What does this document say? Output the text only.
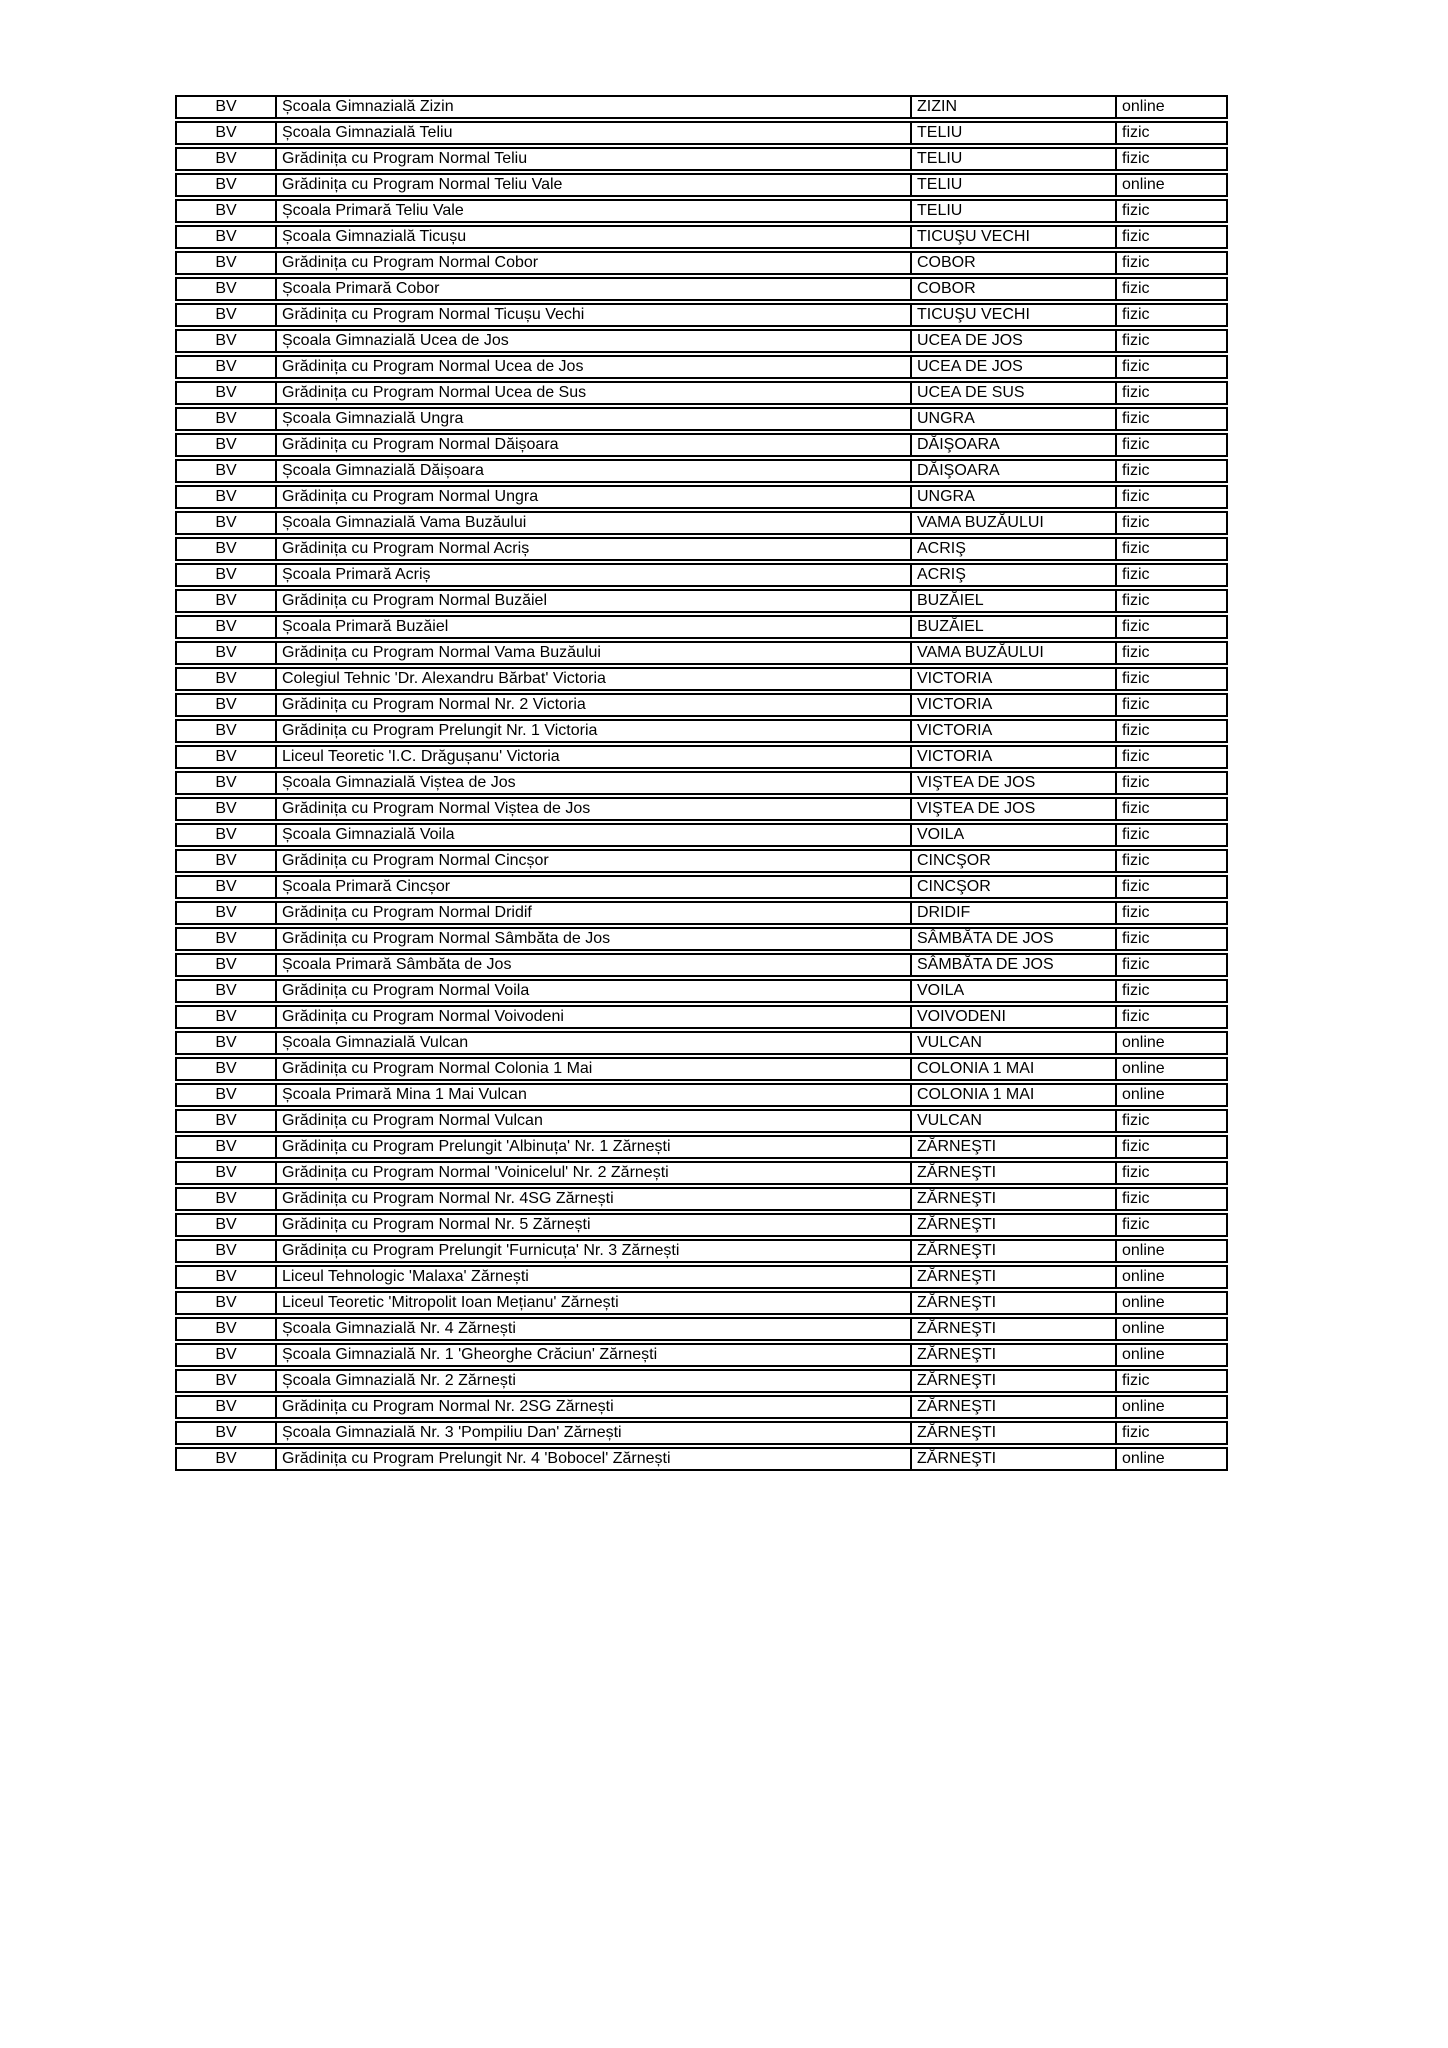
BV	Școala Gimnazială Zizin	ZIZIN	online
BV	Școala Gimnazială Teliu	TELIU	fizic
BV	Grădinița cu Program Normal Teliu	TELIU	fizic
BV	Grădinița cu Program Normal Teliu Vale	TELIU	online
BV	Școala Primară Teliu Vale	TELIU	fizic
BV	Școala Gimnazială Ticușu	TICUŞU VECHI	fizic
BV	Grădinița cu Program Normal Cobor	COBOR	fizic
BV	Școala Primară Cobor	COBOR	fizic
BV	Grădinița cu Program Normal Ticușu Vechi	TICUŞU VECHI	fizic
BV	Școala Gimnazială Ucea de Jos	UCEA DE JOS	fizic
BV	Grădinița cu Program Normal Ucea de Jos	UCEA DE JOS	fizic
BV	Grădinița cu Program Normal Ucea de Sus	UCEA DE SUS	fizic
BV	Școala Gimnazială Ungra	UNGRA	fizic
BV	Grădinița cu Program Normal Dăișoara	DĂIŞOARA	fizic
BV	Școala Gimnazială Dăișoara	DĂIŞOARA	fizic
BV	Grădinița cu Program Normal Ungra	UNGRA	fizic
BV	Școala Gimnazială Vama Buzăului	VAMA BUZĂULUI	fizic
BV	Grădinița cu Program Normal Acriș	ACRIŞ	fizic
BV	Școala Primară Acriș	ACRIŞ	fizic
BV	Grădinița cu Program Normal Buzăiel	BUZĂIEL	fizic
BV	Școala Primară Buzăiel	BUZĂIEL	fizic
BV	Grădinița cu Program Normal Vama Buzăului	VAMA BUZĂULUI	fizic
BV	Colegiul Tehnic 'Dr. Alexandru Bărbat' Victoria	VICTORIA	fizic
BV	Grădinița cu Program Normal Nr. 2 Victoria	VICTORIA	fizic
BV	Grădinița cu Program Prelungit Nr. 1 Victoria	VICTORIA	fizic
BV	Liceul Teoretic 'I.C. Drăgușanu' Victoria	VICTORIA	fizic
BV	Școala Gimnazială Viștea de Jos	VIŞTEA DE JOS	fizic
BV	Grădinița cu Program Normal Viștea de Jos	VIŞTEA DE JOS	fizic
BV	Școala Gimnazială Voila	VOILA	fizic
BV	Grădinița cu Program Normal Cincșor	CINCŞOR	fizic
BV	Școala Primară Cincșor	CINCŞOR	fizic
BV	Grădinița cu Program Normal Dridif	DRIDIF	fizic
BV	Grădinița cu Program Normal Sâmbăta de Jos	SÂMBĂTA DE JOS	fizic
BV	Școala Primară Sâmbăta de Jos	SÂMBĂTA DE JOS	fizic
BV	Grădinița cu Program Normal Voila	VOILA	fizic
BV	Grădinița cu Program Normal Voivodeni	VOIVODENI	fizic
BV	Școala Gimnazială Vulcan	VULCAN	online
BV	Grădinița cu Program Normal Colonia 1 Mai	COLONIA 1 MAI	online
BV	Școala Primară Mina 1 Mai Vulcan	COLONIA 1 MAI	online
BV	Grădinița cu Program Normal Vulcan	VULCAN	fizic
BV	Grădinița cu Program Prelungit 'Albinuța' Nr. 1 Zărnești	ZĂRNEŞTI	fizic
BV	Grădinița cu Program Normal 'Voinicelul' Nr. 2 Zărnești	ZĂRNEŞTI	fizic
BV	Grădinița cu Program Normal Nr. 4SG Zărnești	ZĂRNEŞTI	fizic
BV	Grădinița cu Program Normal Nr. 5 Zărnești	ZĂRNEŞTI	fizic
BV	Grădinița cu Program Prelungit 'Furnicuța' Nr. 3 Zărnești	ZĂRNEŞTI	online
BV	Liceul Tehnologic 'Malaxa' Zărnești	ZĂRNEŞTI	online
BV	Liceul Teoretic 'Mitropolit Ioan Mețianu' Zărnești	ZĂRNEŞTI	online
BV	Școala Gimnazială Nr. 4 Zărnești	ZĂRNEŞTI	online
BV	Școala Gimnazială Nr. 1 'Gheorghe Crăciun' Zărnești	ZĂRNEŞTI	online
BV	Școala Gimnazială Nr. 2 Zărnești	ZĂRNEŞTI	fizic
BV	Grădinița cu Program Normal Nr. 2SG Zărnești	ZĂRNEŞTI	online
BV	Școala Gimnazială Nr. 3 'Pompiliu Dan' Zărnești	ZĂRNEŞTI	fizic
BV	Grădinița cu Program Prelungit Nr. 4 'Bobocel' Zărnești	ZĂRNEŞTI	online
